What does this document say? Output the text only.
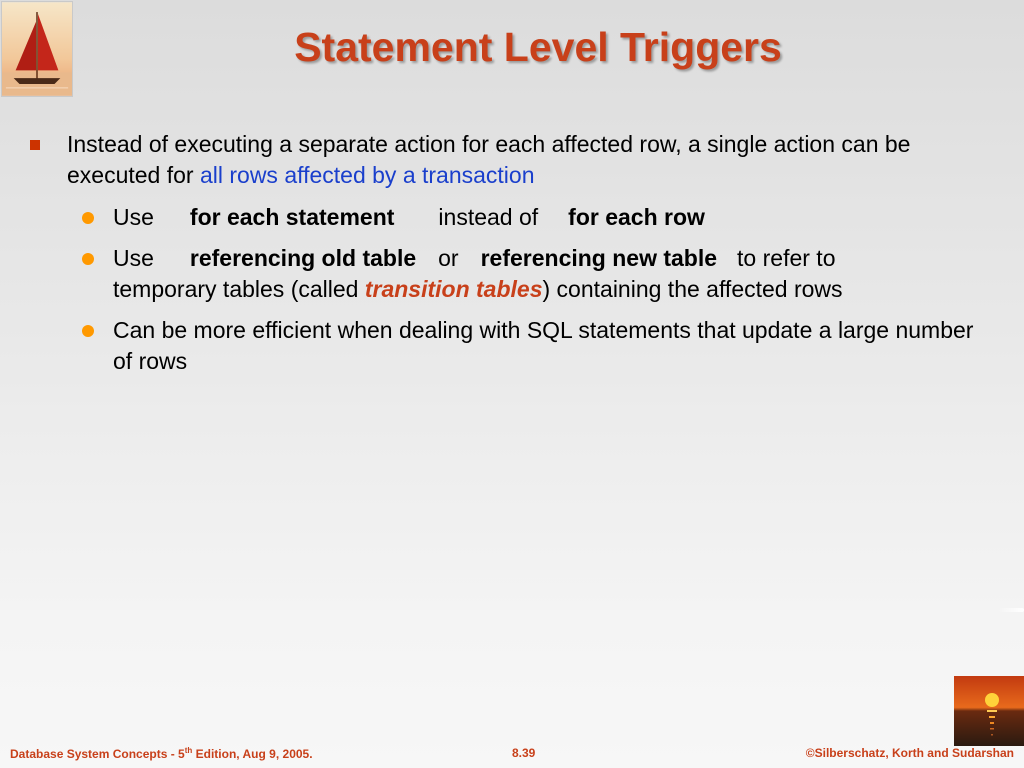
Statement Level Triggers
Instead of executing a separate action for each affected row, a single action can be executed for all rows affected by a transaction
Use for each statement instead of for each row
Use referencing old table or referencing new table to refer to
temporary tables (called transition tables) containing the affected rows
Can be more efficient when dealing with SQL statements that update a large number of rows
Database System Concepts - 5th Edition, Aug 9, 2005.	8.39	©Silberschatz, Korth and Sudarshan
